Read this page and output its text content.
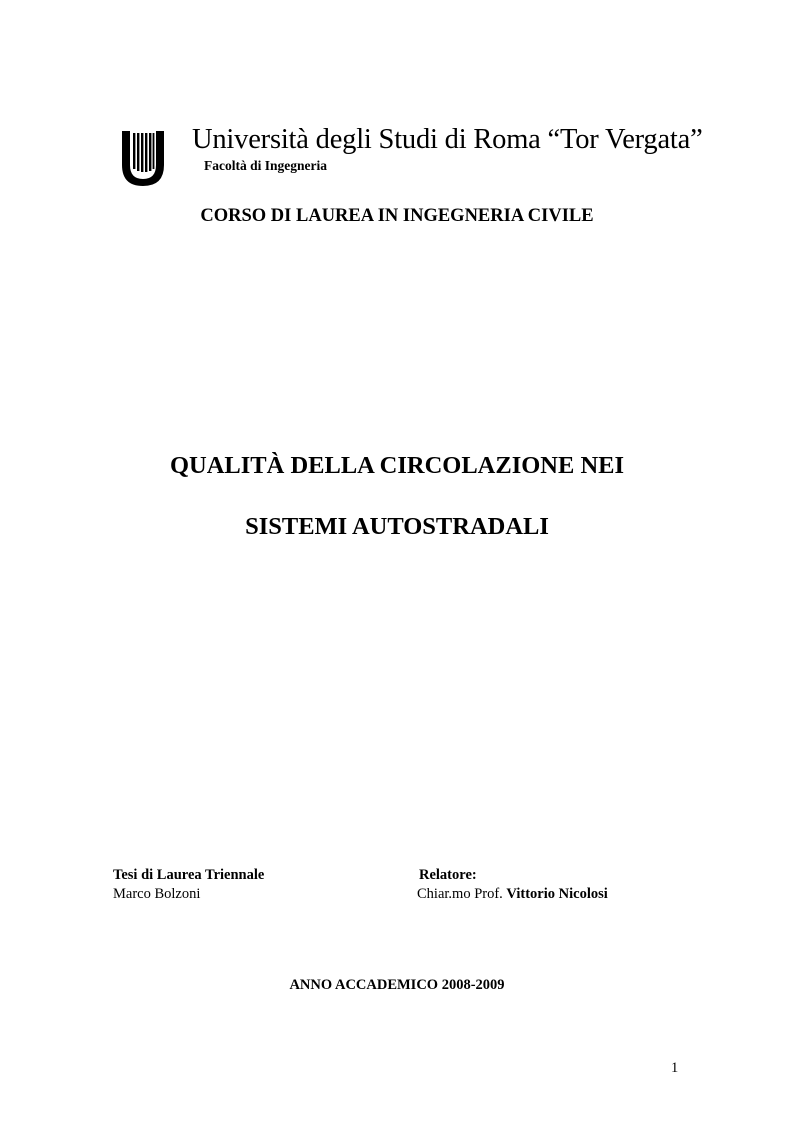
Università degli Studi di Roma “Tor Vergata”
Facoltà di Ingegneria
CORSO DI LAUREA IN INGEGNERIA CIVILE
QUALITÀ DELLA CIRCOLAZIONE NEI
SISTEMI AUTOSTRADALI
Tesi di Laurea Triennale
Marco Bolzoni
Relatore:
Chiar.mo Prof. Vittorio Nicolosi
ANNO ACCADEMICO 2008-2009
1
